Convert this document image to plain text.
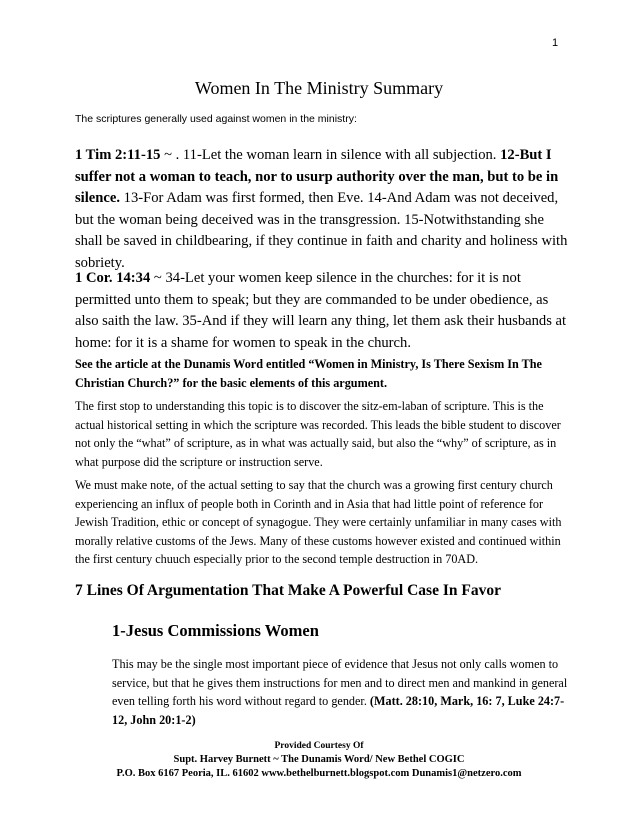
1
Women In The Ministry Summary
The scriptures generally used against women in the ministry:
1 Tim 2:11-15 ~ . 11-Let the woman learn in silence with all subjection. 12-But I suffer not a woman to teach, nor to usurp authority over the man, but to be in silence. 13-For Adam was first formed, then Eve. 14-And Adam was not deceived, but the woman being deceived was in the transgression. 15-Notwithstanding she shall be saved in childbearing, if they continue in faith and charity and holiness with sobriety.
1 Cor. 14:34 ~ 34-Let your women keep silence in the churches: for it is not permitted unto them to speak; but they are commanded to be under obedience, as also saith the law. 35-And if they will learn any thing, let them ask their husbands at home: for it is a shame for women to speak in the church.
See the article at the Dunamis Word entitled “Women in Ministry, Is There Sexism In The Christian Church?” for the basic elements of this argument.
The first stop to understanding this topic is to discover the sitz-em-laban of scripture. This is the actual historical setting in which the scripture was recorded. This leads the bible student to discover not only the “what” of scripture, as in what was actually said, but also the “why” of scripture, as in what purpose did the scripture or instruction serve.
We must make note, of the actual setting to say that the church was a growing first century church experiencing an influx of people both in Corinth and in Asia that had little point of reference for Jewish Tradition, ethic or concept of synagogue. They were certainly unfamiliar in many cases with morally relative customs of the Jews. Many of these customs however existed and continued within the first century chuuch especially prior to the second temple destruction in 70AD.
7 Lines Of Argumentation That Make A Powerful Case In Favor
1-Jesus Commissions Women
This may be the single most important piece of evidence that Jesus not only calls women to service, but that he gives them instructions for men and to direct men and mankind in general even telling forth his word without regard to gender. (Matt. 28:10, Mark, 16: 7, Luke 24:7-12, John 20:1-2)
Provided Courtesy Of
Supt. Harvey Burnett ~ The Dunamis Word/ New Bethel COGIC
P.O. Box 6167 Peoria, IL. 61602 www.bethelburnett.blogspot.com Dunamis1@netzero.com
